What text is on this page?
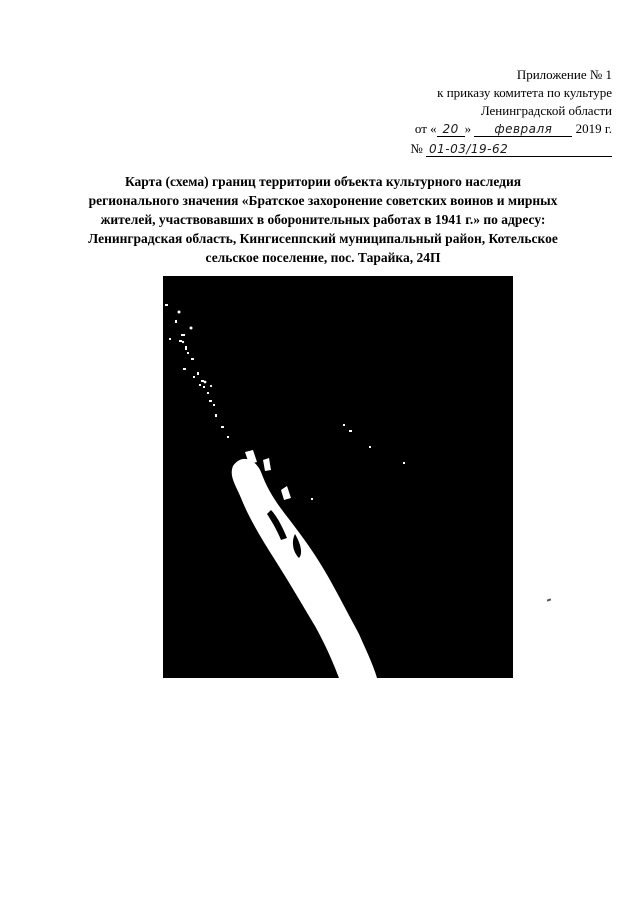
Приложение № 1
к приказу комитета по культуре
Ленинградской области
от « 20 » февраля 2019 г.
№ 01-03/19-62
Карта (схема) границ территории объекта культурного наследия
регионального значения «Братское захоронение советских воинов и мирных
жителей, участвовавших в оборонительных работах в 1941 г.» по адресу:
Ленинградская область, Кингисеппский муниципальный район, Котельское
сельское поселение, пос. Тарайка, 24П
